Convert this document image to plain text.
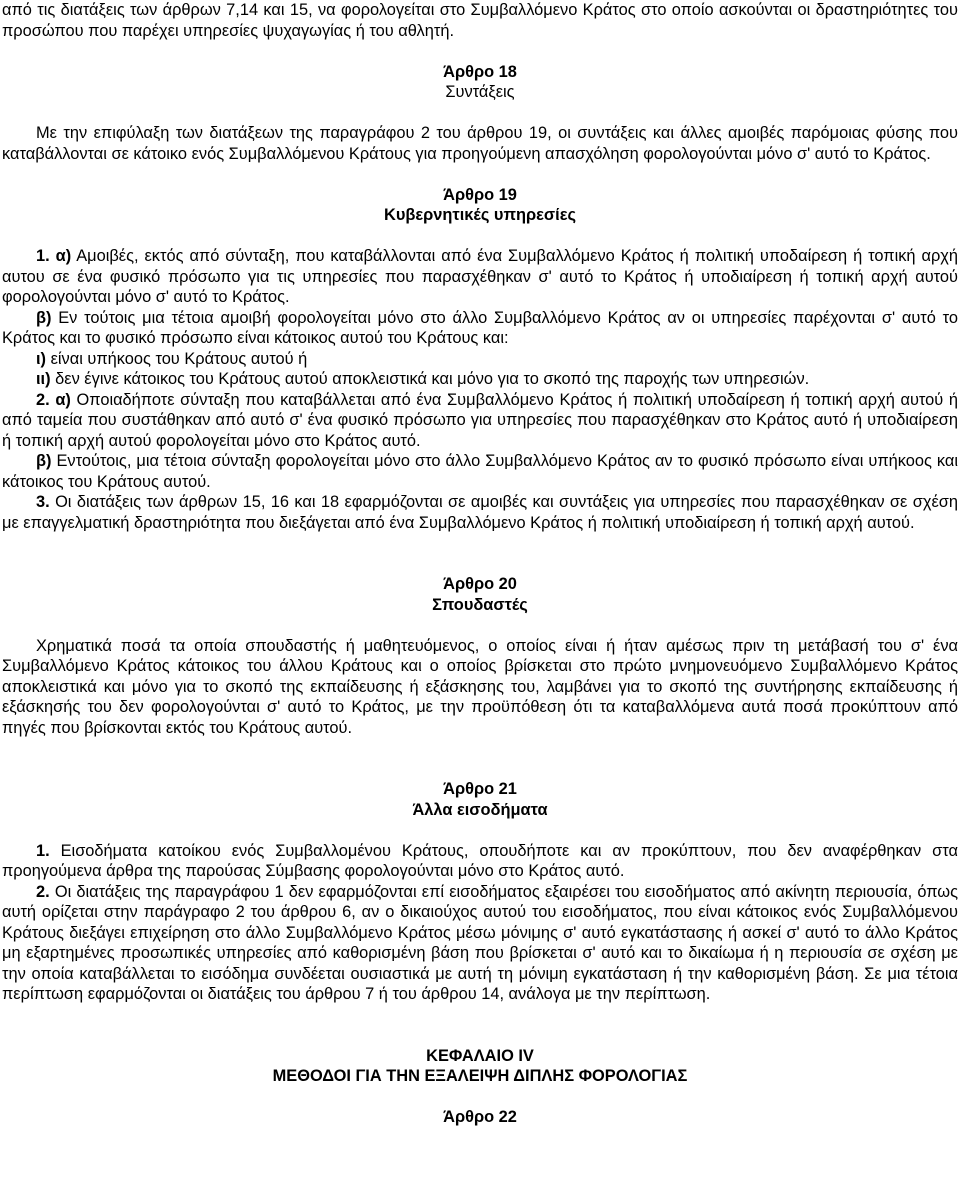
από τις διατάξεις των άρθρων 7,14 και 15, να φορολογείται στο Συμβαλλόμενο Κράτος στο οποίο ασκούνται οι δραστηριότητες του προσώπου που παρέχει υπηρεσίες ψυχαγωγίας ή του αθλητή.

Άρθρο 18

Συντάξεις

Με την επιφύλαξη των διατάξεων της παραγράφου 2 του άρθρου 19, οι συντάξεις και άλλες αμοιβές παρόμοιας φύσης που καταβάλλονται σε κάτοικο ενός Συμβαλλόμενου Κράτους για προηγούμενη απασχόληση φορολογούνται μόνο σ' αυτό το Κράτος.

Άρθρο 19

Κυβερνητικές υπηρεσίες

1. α) Αμοιβές, εκτός από σύνταξη, που καταβάλλονται από ένα Συμβαλλόμενο Κράτος ή πολιτική υποδαίρεση ή τοπική αρχή αυτου σε ένα φυσικό πρόσωπο για τις υπηρεσίες που παρασχέθηκαν σ' αυτό το Κράτος ή υποδιαίρεση ή τοπική αρχή αυτού φορολογούνται μόνο σ' αυτό το Κράτος.

β) Εν τούτοις μια τέτοια αμοιβή φορολογείται μόνο στο άλλο Συμβαλλόμενο Κράτος αν οι υπηρεσίες παρέχονται σ' αυτό το Κράτος και το φυσικό πρόσωπο είναι κάτοικος αυτού του Κράτους και:

ι) είναι υπήκοος του Κράτους αυτού ή

ιι) δεν έγινε κάτοικος του Κράτους αυτού αποκλειστικά και μόνο για το σκοπό της παροχής των υπηρεσιών.

2. α) Οποιαδήποτε σύνταξη που καταβάλλεται από ένα Συμβαλλόμενο Κράτος ή πολιτική υποδαίρεση ή τοπική αρχή αυτού ή από ταμεία που συστάθηκαν από αυτό σ' ένα φυσικό πρόσωπο για υπηρεσίες που παρασχέθηκαν στο Κράτος αυτό ή υποδιαίρεση ή τοπική αρχή αυτού φορολογείται μόνο στο Κράτος αυτό.

β) Εντούτοις, μια τέτοια σύνταξη φορολογείται μόνο στο άλλο Συμβαλλόμενο Κράτος αν το φυσικό πρόσωπο είναι υπήκοος και κάτοικος του Κράτους αυτού.

3. Οι διατάξεις των άρθρων 15, 16 και 18 εφαρμόζονται σε αμοιβές και συντάξεις για υπηρεσίες που παρασχέθηκαν σε σχέση με επαγγελματική δραστηριότητα που διεξάγεται από ένα Συμβαλλόμενο Κράτος ή πολιτική υποδιαίρεση ή τοπική αρχή αυτού.

Άρθρο 20

Σπουδαστές

Χρηματικά ποσά τα οποία σπουδαστής ή μαθητευόμενος, ο οποίος είναι ή ήταν αμέσως πριν τη μετάβασή του σ' ένα Συμβαλλόμενο Κράτος κάτοικος του άλλου Κράτους και ο οποίος βρίσκεται στο πρώτο μνημονευόμενο Συμβαλλόμενο Κράτος αποκλειστικά και μόνο για το σκοπό της εκπαίδευσης ή εξάσκησης του, λαμβάνει για το σκοπό της συντήρησης εκπαίδευσης ή εξάσκησής του δεν φορολογούνται σ' αυτό το Κράτος, με την προϋπόθεση ότι τα καταβαλλόμενα αυτά ποσά προκύπτουν από πηγές που βρίσκονται εκτός του Κράτους αυτού.

Άρθρο 21

Άλλα εισοδήματα

1. Εισοδήματα κατοίκου ενός Συμβαλλομένου Κράτους, οπουδήποτε και αν προκύπτουν, που δεν αναφέρθηκαν στα προηγούμενα άρθρα της παρούσας Σύμβασης φορολογούνται μόνο στο Κράτος αυτό.

2. Οι διατάξεις της παραγράφου 1 δεν εφαρμόζονται επί εισοδήματος εξαιρέσει του εισοδήματος από ακίνητη περιουσία, όπως αυτή ορίζεται στην παράγραφο 2 του άρθρου 6, αν ο δικαιούχος αυτού του εισοδήματος, που είναι κάτοικος ενός Συμβαλλόμενου Κράτους διεξάγει επιχείρηση στο άλλο Συμβαλλόμενο Κράτος μέσω μόνιμης σ' αυτό εγκατάστασης ή ασκεί σ' αυτό το άλλο Κράτος μη εξαρτημένες προσωπικές υπηρεσίες από καθορισμένη βάση που βρίσκεται σ' αυτό και το δικαίωμα ή η περιουσία σε σχέση με την οποία καταβάλλεται το εισόδημα συνδέεται ουσιαστικά με αυτή τη μόνιμη εγκατάσταση ή την καθορισμένη βάση. Σε μια τέτοια περίπτωση εφαρμόζονται οι διατάξεις του άρθρου 7 ή του άρθρου 14, ανάλογα με την περίπτωση.

ΚΕΦΑΛΑΙΟ IV

ΜΕΘΟΔΟΙ ΓΙΑ ΤΗΝ ΕΞΑΛΕΙΨΗ ΔΙΠΛΗΣ ΦΟΡΟΛΟΓΙΑΣ

Άρθρο 22
